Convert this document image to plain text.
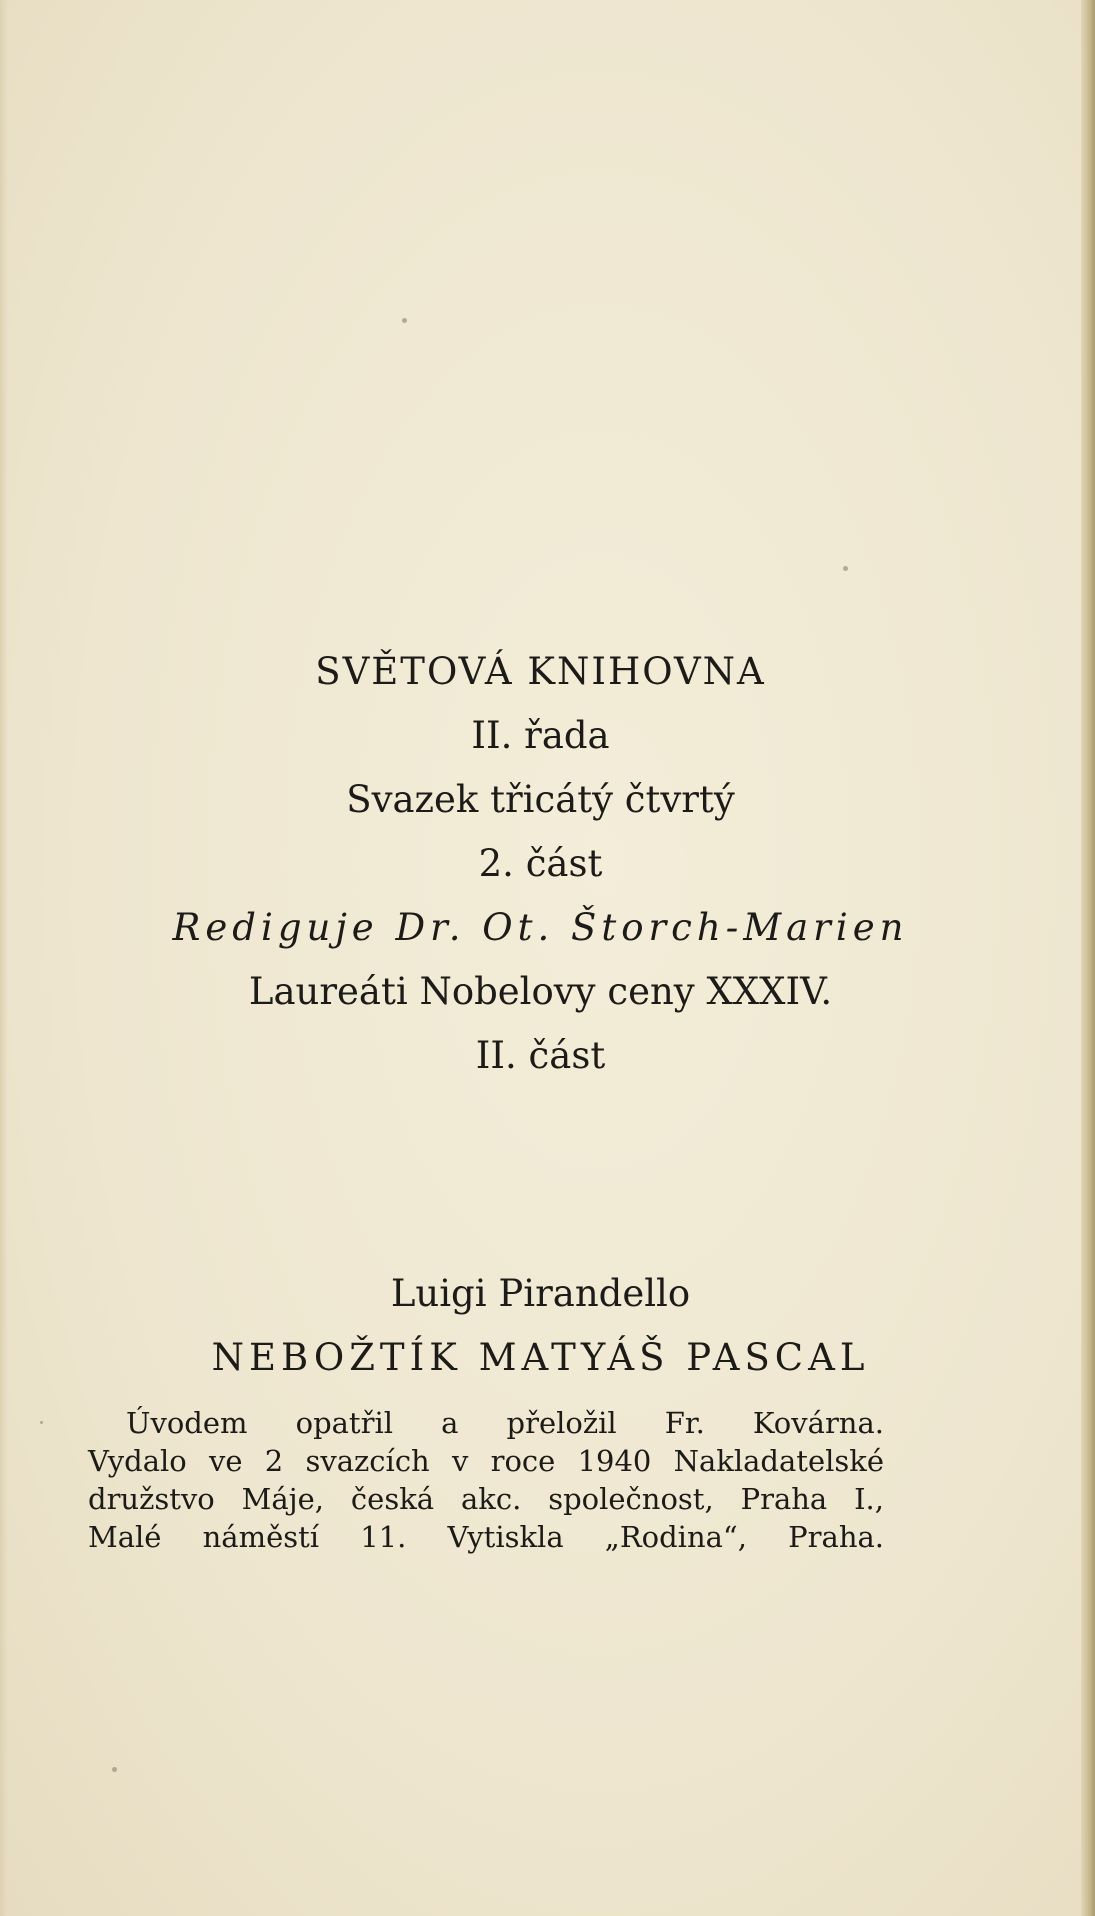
SVĚTOVÁ KNIHOVNA
II. řada
Svazek třicátý čtvrtý
2. část
Rediguje Dr. Ot. Štorch-Marien
Laureáti Nobelovy ceny XXXIV.
II. část
Luigi Pirandello
NEBOŽTÍK MATYÁŠ PASCAL
Úvodem opatřil a přeložil Fr. Kovárna.
Vydalo ve 2 svazcích v roce 1940 Nakladatelské
družstvo Máje, česká akc. společnost, Praha I.,
Malé náměstí 11. Vytiskla „Rodina“, Praha.
